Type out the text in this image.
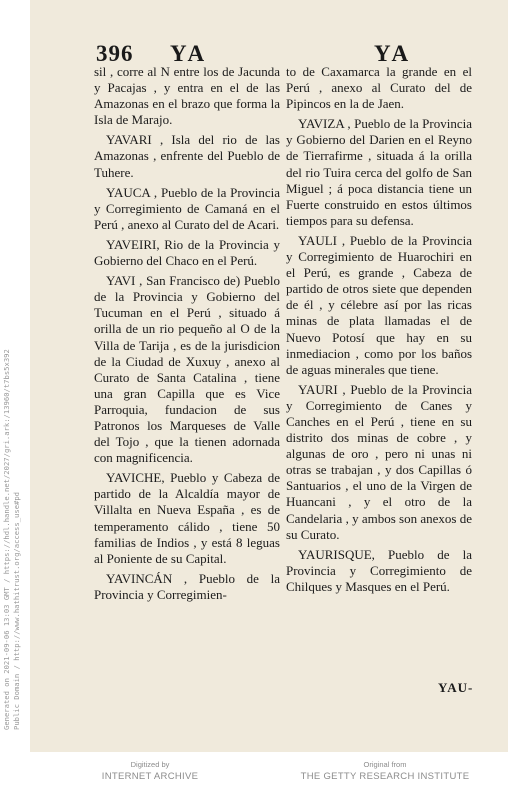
396 YA	YA

sil , corre al N entre los de Jacunda y Pacajas , y entra en el de las Amazonas en el brazo que forma la Isla de Marajo.

YAVARI , Isla del rio de las Amazonas , enfrente del Pueblo de Tuhere.

YAUCA , Pueblo de la Provincia y Corregimiento de Camaná en el Perú , anexo al Curato del de Acari.

YAVEIRI, Rio de la Provincia y Gobierno del Chaco en el Perú.

YAVI , San Francisco de) Pueblo de la Provincia y Gobierno del Tucuman en el Perú , situado á orilla de un rio pequeño al O de la Villa de Tarija , es de la jurisdicion de la Ciudad de Xuxuy , anexo al Curato de Santa Catalina , tiene una gran Capilla que es Vice Parroquia, fundacion de sus Patronos los Marqueses de Valle del Tojo , que la tienen adornada con magnificencia.

YAVICHE, Pueblo y Cabeza de partido de la Alcaldía mayor de Villalta en Nueva España , es de temperamento cálido , tiene 50 familias de Indios , y está 8 leguas al Poniente de su Capital.

YAVINCÁN , Pueblo de la Provincia y Corregimien-

to de Caxamarca la grande en el Perú , anexo al Curato del de Pipincos en la de Jaen.

YAVIZA , Pueblo de la Provincia y Gobierno del Darien en el Reyno de Tierrafirme , situada á la orilla del rio Tuira cerca del golfo de San Miguel ; á poca distancia tiene un Fuerte construido en estos últimos tiempos para su defensa.

YAULI , Pueblo de la Provincia y Corregimiento de Huarochiri en el Perú, es grande , Cabeza de partido de otros siete que dependen de él , y célebre así por las ricas minas de plata llamadas el de Nuevo Potosí que hay en su inmediacion , como por los baños de aguas minerales que tiene.

YAURI , Pueblo de la Provincia y Corregimiento de Canes y Canches en el Perú , tiene en su distrito dos minas de cobre , y algunas de oro , pero ni unas ni otras se trabajan , y dos Capillas ó Santuarios , el uno de la Virgen de Huancani , y el otro de la Candelaria , y ambos son anexos de su Curato.

YAURISQUE, Pueblo de la Provincia y Corregimiento de Chilques y Masques en el Perú.

YAU-
Generated on 2021-09-06 13:03 GMT / https://hdl.handle.net/2027/gri.ark:/13960/t7bs5x392 Public Domain / http://www.hathitrust.org/access_use#pd
Digitized by
INTERNET ARCHIVE
Original from
THE GETTY RESEARCH INSTITUTE
